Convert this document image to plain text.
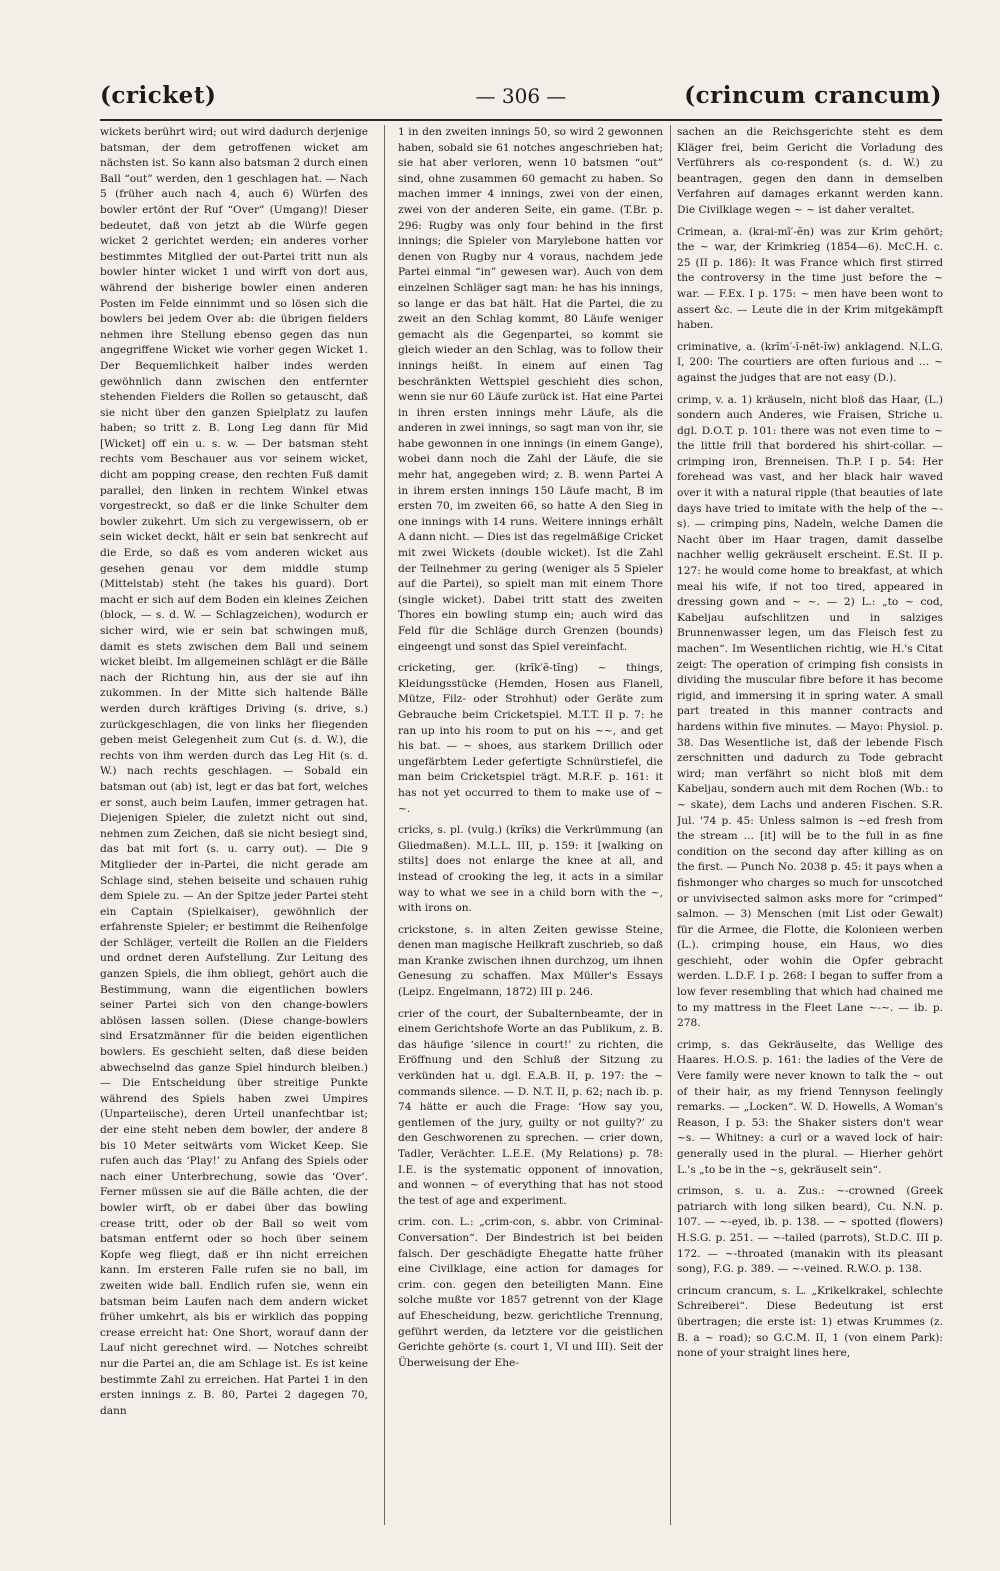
(cricket)	— 306 —	(crincum crancum)

wickets berührt wird; out wird dadurch derjenige batsman, der dem getroffenen wicket am nächsten ist. So kann also batsman 2 durch einen Ball “out” werden, den 1 geschlagen hat. — Nach 5 (früher auch nach 4, auch 6) Würfen des bowler ertönt der Ruf “Over” (Umgang)! Dieser bedeutet, daß von jetzt ab die Würfe gegen wicket 2 gerichtet werden; ein anderes vorher bestimmtes Mitglied der out-Partei tritt nun als bowler hinter wicket 1 und wirft von dort aus, während der bisherige bowler einen anderen Posten im Felde einnimmt und so lösen sich die bowlers bei jedem Over ab: die übrigen fielders nehmen ihre Stellung ebenso gegen das nun angegriffene Wicket wie vorher gegen Wicket 1. Der Bequemlichkeit halber indes werden gewöhnlich dann zwischen den entfernter stehenden Fielders die Rollen so getauscht, daß sie nicht über den ganzen Spielplatz zu laufen haben; so tritt z. B. Long Leg dann für Mid [Wicket] off ein u. s. w. — Der batsman steht rechts vom Beschauer aus vor seinem wicket, dicht am popping crease, den rechten Fuß damit parallel, den linken in rechtem Winkel etwas vorgestreckt, so daß er die linke Schulter dem bowler zukehrt. Um sich zu vergewissern, ob er sein wicket deckt, hält er sein bat senkrecht auf die Erde, so daß es vom anderen wicket aus gesehen genau vor dem middle stump (Mittelstab) steht (he takes his guard). Dort macht er sich auf dem Boden ein kleines Zeichen (block, — s. d. W. — Schlagzeichen), wodurch er sicher wird, wie er sein bat schwingen muß, damit es stets zwischen dem Ball und seinem wicket bleibt. Im allgemeinen schlägt er die Bälle nach der Richtung hin, aus der sie auf ihn zukommen. In der Mitte sich haltende Bälle werden durch kräftiges Driving (s. drive, s.) zurückgeschlagen, die von links her fliegenden geben meist Gelegenheit zum Cut (s. d. W.), die rechts von ihm werden durch das Leg Hit (s. d. W.) nach rechts geschlagen. — Sobald ein batsman out (ab) ist, legt er das bat fort, welches er sonst, auch beim Laufen, immer getragen hat. Diejenigen Spieler, die zuletzt nicht out sind, nehmen zum Zeichen, daß sie nicht besiegt sind, das bat mit fort (s. u. carry out). — Die 9 Mitglieder der in-Partei, die nicht gerade am Schlage sind, stehen beiseite und schauen ruhig dem Spiele zu. — An der Spitze jeder Partei steht ein Captain (Spielkaiser), gewöhnlich der erfahrenste Spieler; er bestimmt die Reihenfolge der Schläger, verteilt die Rollen an die Fielders und ordnet deren Aufstellung. Zur Leitung des ganzen Spiels, die ihm obliegt, gehört auch die Bestimmung, wann die eigentlichen bowlers seiner Partei sich von den change-bowlers ablösen lassen sollen. (Diese change-bowlers sind Ersatzmänner für die beiden eigentlichen bowlers. Es geschieht selten, daß diese beiden abwechselnd das ganze Spiel hindurch bleiben.) — Die Entscheidung über streitige Punkte während des Spiels haben zwei Umpires (Unparteiische), deren Urteil unanfechtbar ist; der eine steht neben dem bowler, der andere 8 bis 10 Meter seitwärts vom Wicket Keep. Sie rufen auch das ‘Play!’ zu Anfang des Spiels oder nach einer Unterbrechung, sowie das ‘Over’. Ferner müssen sie auf die Bälle achten, die der bowler wirft, ob er dabei über das bowling crease tritt, oder ob der Ball so weit vom batsman entfernt oder so hoch über seinem Kopfe weg fliegt, daß er ihn nicht erreichen kann. Im ersteren Falle rufen sie no ball, im zweiten wide ball. Endlich rufen sie, wenn ein batsman beim Laufen nach dem andern wicket früher umkehrt, als bis er wirklich das popping crease erreicht hat: One Short, worauf dann der Lauf nicht gerechnet wird. — Notches schreibt nur die Partei an, die am Schlage ist. Es ist keine bestimmte Zahl zu erreichen. Hat Partei 1 in den ersten innings z. B. 80, Partei 2 dagegen 70, dann

1 in den zweiten innings 50, so wird 2 gewonnen haben, sobald sie 61 notches angeschrieben hat; sie hat aber verloren, wenn 10 batsmen “out” sind, ohne zusammen 60 gemacht zu haben. So machen immer 4 innings, zwei von der einen, zwei von der anderen Seite, ein game. (T.Br. p. 296: Rugby was only four behind in the first innings; die Spieler von Marylebone hatten vor denen von Rugby nur 4 voraus, nachdem jede Partei einmal “in” gewesen war). Auch von dem einzelnen Schläger sagt man: he has his innings, so lange er das bat hält. Hat die Partei, die zu zweit an den Schlag kommt, 80 Läufe weniger gemacht als die Gegenpartei, so kommt sie gleich wieder an den Schlag, was to follow their innings heißt. In einem auf einen Tag beschränkten Wettspiel geschieht dies schon, wenn sie nur 60 Läufe zurück ist. Hat eine Partei in ihren ersten innings mehr Läufe, als die anderen in zwei innings, so sagt man von ihr, sie habe gewonnen in one innings (in einem Gange), wobei dann noch die Zahl der Läufe, die sie mehr hat, angegeben wird; z. B. wenn Partei A in ihrem ersten innings 150 Läufe macht, B im ersten 70, im zweiten 66, so hatte A den Sieg in one innings with 14 runs. Weitere innings erhält A dann nicht. — Dies ist das regelmäßige Cricket mit zwei Wickets (double wicket). Ist die Zahl der Teilnehmer zu gering (weniger als 5 Spieler auf die Partei), so spielt man mit einem Thore (single wicket). Dabei tritt statt des zweiten Thores ein bowling stump ein; auch wird das Feld für die Schläge durch Grenzen (bounds) eingeengt und sonst das Spiel vereinfacht.

cricketing, ger. (krĭk′ĕ-tĭng) ~ things, Kleidungsstücke (Hemden, Hosen aus Flanell, Mütze, Filz- oder Strohhut) oder Geräte zum Gebrauche beim Cricketspiel. M.T.T. II p. 7: he ran up into his room to put on his ~~, and get his bat. — ~ shoes, aus starkem Drillich oder ungefärbtem Leder gefertigte Schnürstiefel, die man beim Cricketspiel trägt. M.R.F. p. 161: it has not yet occurred to them to make use of ~ ~.

cricks, s. pl. (vulg.) (krĭks) die Verkrümmung (an Gliedmaßen). M.L.L. III, p. 159: it [walking on stilts] does not enlarge the knee at all, and instead of crooking the leg, it acts in a similar way to what we see in a child born with the ~, with irons on.

crickstone, s. in alten Zeiten gewisse Steine, denen man magische Heilkraft zuschrieb, so daß man Kranke zwischen ihnen durchzog, um ihnen Genesung zu schaffen. Max Müller's Essays (Leipz. Engelmann, 1872) III p. 246.

crier of the court, der Subalternbeamte, der in einem Gerichtshofe Worte an das Publikum, z. B. das häufige ‘silence in court!’ zu richten, die Eröffnung und den Schluß der Sitzung zu verkünden hat u. dgl. E.A.B. II, p. 197: the ~ commands silence. — D. N.T. II, p. 62; nach ib. p. 74 hätte er auch die Frage: ‘How say you, gentlemen of the jury, guilty or not guilty?’ zu den Geschworenen zu sprechen. — crier down, Tadler, Verächter. L.E.E. (My Relations) p. 78: I.E. is the systematic opponent of innovation, and wonnen ~ of everything that has not stood the test of age and experiment.

crim. con. L.: „crim-con, s. abbr. von Criminal-Conversation“. Der Bindestrich ist bei beiden falsch. Der geschädigte Ehegatte hatte früher eine Civilklage, eine action for damages for crim. con. gegen den beteiligten Mann. Eine solche mußte vor 1857 getrennt von der Klage auf Ehescheidung, bezw. gerichtliche Trennung, geführt werden, da letztere vor die geistlichen Gerichte gehörte (s. court 1, VI und III). Seit der Überweisung der Ehe-

sachen an die Reichsgerichte steht es dem Kläger frei, beim Gericht die Vorladung des Verführers als co-respondent (s. d. W.) zu beantragen, gegen den dann in demselben Verfahren auf damages erkannt werden kann. Die Civilklage wegen ~ ~ ist daher veraltet.

Crimean, a. (krai-mī′-ĕn) was zur Krim gehört; the ~ war, der Krimkrieg (1854—6). McC.H. c. 25 (II p. 186): It was France which first stirred the controversy in the time just before the ~ war. — F.Ex. I p. 175: ~ men have been wont to assert &c. — Leute die in der Krim mitgekämpft haben.

criminative, a. (krĭm′-ĭ-nĕt-ĭw) anklagend. N.L.G. I, 200: The courtiers are often furious and … ~ against the judges that are not easy (D.).

crimp, v. a. 1) kräuseln, nicht bloß das Haar, (L.) sondern auch Anderes, wie Fraisen, Striche u. dgl. D.O.T. p. 101: there was not even time to ~ the little frill that bordered his shirt-collar. — crimping iron, Brenneisen. Th.P. I p. 54: Her forehead was vast, and her black hair waved over it with a natural ripple (that beauties of late days have tried to imitate with the help of the ~-s). — crimping pins, Nadeln, welche Damen die Nacht über im Haar tragen, damit dasselbe nachher wellig gekräuselt erscheint. E.St. II p. 127: he would come home to breakfast, at which meal his wife, if not too tired, appeared in dressing gown and ~ ~. — 2) L.: „to ~ cod, Kabeljau aufschlitzen und in salziges Brunnenwasser legen, um das Fleisch fest zu machen“. Im Wesentlichen richtig, wie H.'s Citat zeigt: The operation of crimping fish consists in dividing the muscular fibre before it has become rigid, and immersing it in spring water. A small part treated in this manner contracts and hardens within five minutes. — Mayo: Physiol. p. 38. Das Wesentliche ist, daß der lebende Fisch zerschnitten und dadurch zu Tode gebracht wird; man verfährt so nicht bloß mit dem Kabeljau, sondern auch mit dem Rochen (Wb.: to ~ skate), dem Lachs und anderen Fischen. S.R. Jul. '74 p. 45: Unless salmon is ~ed fresh from the stream … [it] will be to the full in as fine condition on the second day after killing as on the first. — Punch No. 2038 p. 45: it pays when a fishmonger who charges so much for unscotched or unvivisected salmon asks more for “crimped” salmon. — 3) Menschen (mit List oder Gewalt) für die Armee, die Flotte, die Kolonieen werben (L.). crimping house, ein Haus, wo dies geschieht, oder wohin die Opfer gebracht werden. L.D.F. I p. 268: I began to suffer from a low fever resembling that which had chained me to my mattress in the Fleet Lane ~-~. — ib. p. 278.

crimp, s. das Gekräuselte, das Wellige des Haares. H.O.S. p. 161: the ladies of the Vere de Vere family were never known to talk the ~ out of their hair, as my friend Tennyson feelingly remarks. — „Locken“. W. D. Howells, A Woman's Reason, I p. 53: the Shaker sisters don't wear ~s. — Whitney: a curl or a waved lock of hair: generally used in the plural. — Hierher gehört L.'s „to be in the ~s, gekräuselt sein“.

crimson, s. u. a. Zus.: ~-crowned (Greek patriarch with long silken beard), Cu. N.N. p. 107. — ~-eyed, ib. p. 138. — ~ spotted (flowers) H.S.G. p. 251. — ~-tailed (parrots), St.D.C. III p. 172. — ~-throated (manakin with its pleasant song), F.G. p. 389. — ~-veined. R.W.O. p. 138.

crincum crancum, s. L. „Krikelkrakel, schlechte Schreiberei“. Diese Bedeutung ist erst übertragen; die erste ist: 1) etwas Krummes (z. B. a ~ road); so G.C.M. II, 1 (von einem Park): none of your straight lines here,
